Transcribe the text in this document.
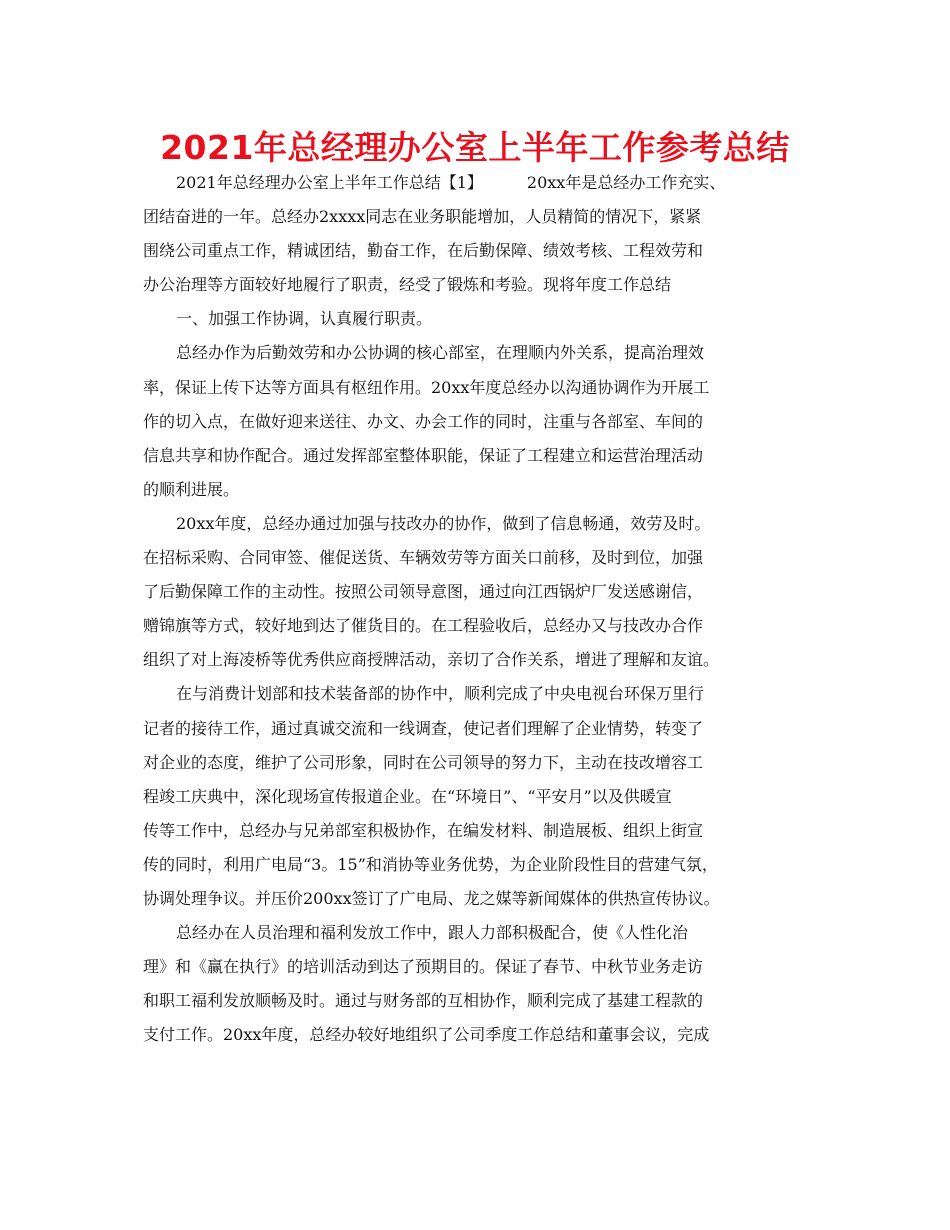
2021年总经理办公室上半年工作参考总结
2021年总经理办公室上半年工作总结【1】	20xx年是总经办工作充实、
团结奋进的一年。总经办2xxxx同志在业务职能增加，人员精简的情况下，紧紧
围绕公司重点工作，精诚团结，勤奋工作，在后勤保障、绩效考核、工程效劳和
办公治理等方面较好地履行了职责，经受了锻炼和考验。现将年度工作总结
一、加强工作协调，认真履行职责。
总经办作为后勤效劳和办公协调的核心部室，在理顺内外关系，提高治理效
率，保证上传下达等方面具有枢纽作用。20xx年度总经办以沟通协调作为开展工
作的切入点，在做好迎来送往、办文、办会工作的同时，注重与各部室、车间的
信息共享和协作配合。通过发挥部室整体职能，保证了工程建立和运营治理活动
的顺利进展。
20xx年度，总经办通过加强与技改办的协作，做到了信息畅通，效劳及时。
在招标采购、合同审签、催促送货、车辆效劳等方面关口前移，及时到位，加强
了后勤保障工作的主动性。按照公司领导意图，通过向江西锅炉厂发送感谢信，
赠锦旗等方式，较好地到达了催货目的。在工程验收后，总经办又与技改办合作
组织了对上海凌桥等优秀供应商授牌活动，亲切了合作关系，增进了理解和友谊。
在与消费计划部和技术装备部的协作中，顺利完成了中央电视台环保万里行
记者的接待工作，通过真诚交流和一线调查，使记者们理解了企业情势，转变了
对企业的态度，维护了公司形象，同时在公司领导的努力下，主动在技改增容工
程竣工庆典中，深化现场宣传报道企业。在“环境日”、“平安月”以及供暖宣
传等工作中，总经办与兄弟部室积极协作，在编发材料、制造展板、组织上街宣
传的同时，利用广电局“3。15”和消协等业务优势，为企业阶段性目的营建气氛，
协调处理争议。并压价200xx签订了广电局、龙之媒等新闻媒体的供热宣传协议。
总经办在人员治理和福利发放工作中，跟人力部积极配合，使《人性化治
理》和《赢在执行》的培训活动到达了预期目的。保证了春节、中秋节业务走访
和职工福利发放顺畅及时。通过与财务部的互相协作，顺利完成了基建工程款的
支付工作。20xx年度，总经办较好地组织了公司季度工作总结和董事会议，完成
